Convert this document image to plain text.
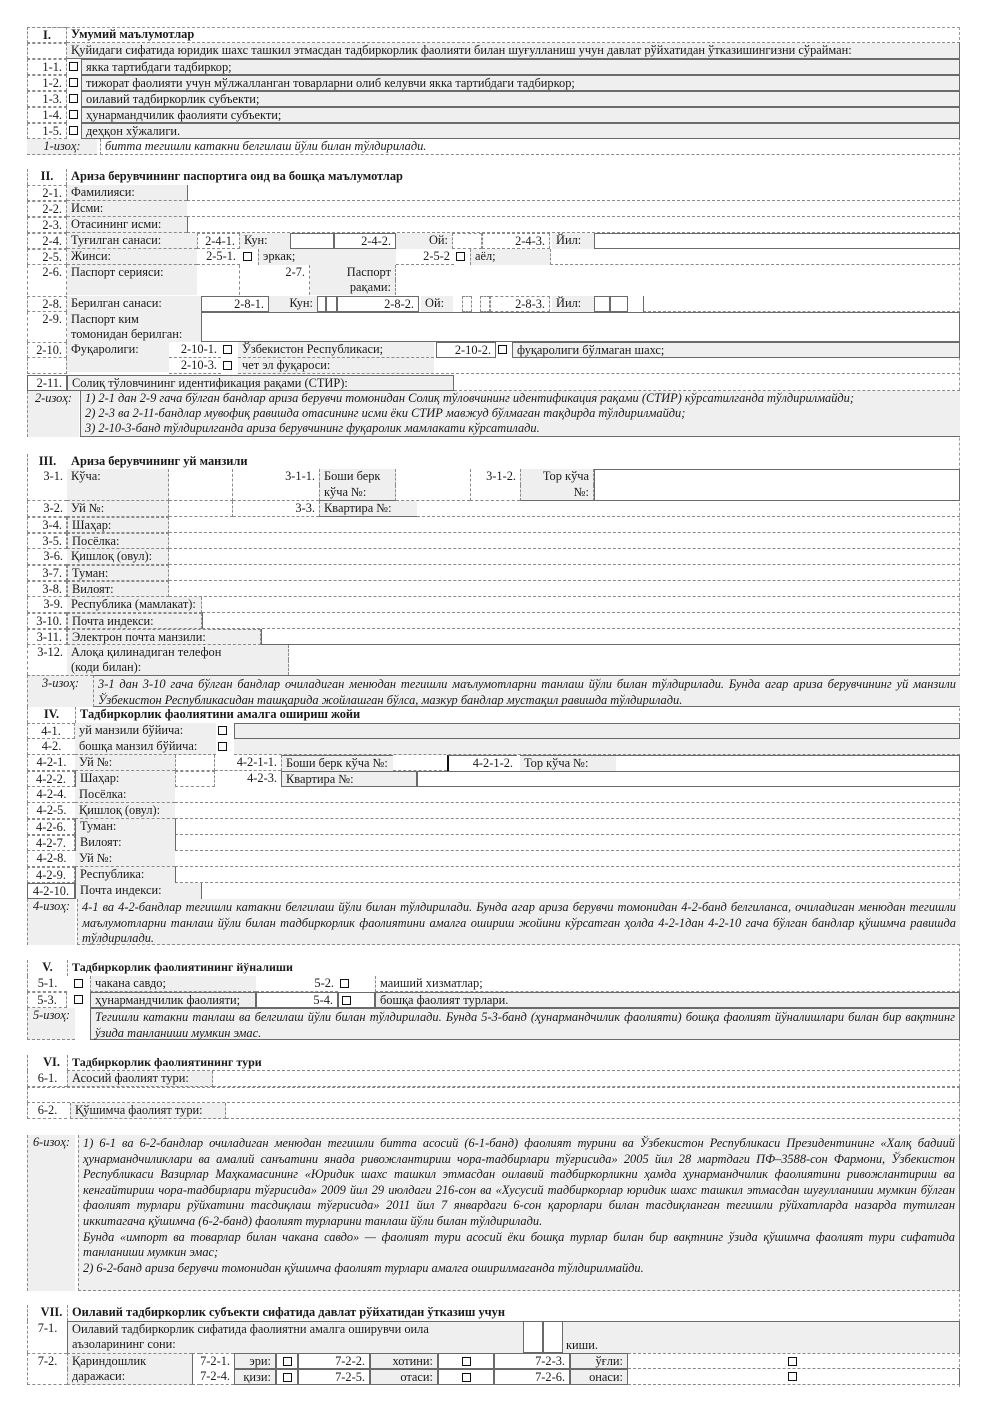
I.	Умумий маълумотлар
Қуйидаги сифатида юридик шахс ташкил этмасдан тадбиркорлик фаолияти билан шуғулланиш учун давлат рўйхатидан ўтказишингизни сўрайман:
1-1.	якка тартибдаги тадбиркор;
1-2.	тижорат фаолияти учун мўлжалланган товарларни олиб келувчи якка тартибдаги тадбиркор;
1-3.	оилавий тадбиркорлик субъекти;
1-4.	ҳунармандчилик фаолияти субъекти;
1-5.	деҳқон хўжалиги.
1-изоҳ:	битта тегишли катакни белгилаш йўли билан тўлдирилади.
II.	Ариза берувчининг паспортига оид ва бошқа маълумотлар
2-1. Фамилияси:
2-2. Исми:
2-3. Отасининг исми:
2-4. Туғилган санаси:	2-4-1. Кун:	2-4-2.	Ой:	2-4-3. Йил:
2-5. Жинси:	2-5-1.	эркак;	2-5-2	аёл;
2-6. Паспорт серияси:	2-7.	Паспорт
рақами:
2-8. Берилган санаси:	2-8-1.	Кун:	2-8-2. Ой:	2-8-3. Йил:
2-9. Паспорт ким
томонидан берилган:
2-10. Фуқаролиги:	2-10-1.	Ўзбекистон Республикаси;	2-10-2.	фуқаролиги бўлмаган шахс;
2-10-3.	чет эл фуқароси:
2-11. Солиқ тўловчининг идентификация рақами (СТИР):
2-изоҳ:	1) 2-1 дан 2-9 гача бўлган бандлар ариза берувчи томонидан Солиқ тўловчининг идентификация рақами (СТИР) кўрсатилганда тўлдирилмайди;
2) 2-3 ва 2-11-бандлар мувофиқ равишда отасининг исми ёки СТИР мавжуд бўлмаган тақдирда тўлдирилмайди;
3) 2-10-3-банд тўлдирилганда ариза берувчининг фуқаролик мамлакати кўрсатилади.
III.	Ариза берувчининг уй манзили
3-1. Кўча:	3-1-1. Боши берк
кўча №:
3-1-2.	Тор кўча
№:
3-2. Уй №:	3-3. Квартира №:
3-4. Шаҳар:
3-5. Посёлка:
3-6. Қишлоқ (овул):
3-7. Туман:
3-8. Вилоят:
3-9. Республика (мамлакат):
3-10. Почта индекси:
3-11. Электрон почта манзили:
3-12. Алоқа қилинадиган телефон
(коди билан):
3-изоҳ:	3-1 дан 3-10 гача бўлган бандлар очиладиган менюдан тегишли маълумотларни танлаш йўли билан тўлдирилади. Бунда агар ариза берувчининг уй манзили Ўзбекистон Республикасидан ташқарида жойлашган бўлса, мазкур бандлар мустақил равишда тўлдирилади.
IV.	Тадбиркорлик фаолиятини амалга ошириш жойи
4-1.	уй манзили бўйича:
4-2.	бошқа манзил бўйича:
4-2-1.	Уй №:	4-2-1-1. Боши берк кўча №:	4-2-1-2. Тор кўча №:
4-2-2.	Шаҳар:	4-2-3. Квартира №:
4-2-4.	Посёлка:
4-2-5.	Қишлоқ (овул):
4-2-6.	Туман:
4-2-7.	Вилоят:
4-2-8.	Уй №:
4-2-9.	Республика:
4-2-10. Почта индекси:
4-изоҳ: 4-1 ва 4-2-бандлар тегишли катакни белгилаш йўли билан тўлдирилади. Бунда агар ариза берувчи томонидан 4-2-банд белгиланса, очиладиган менюдан тегишли маълумотларни танлаш йўли билан тадбиркорлик фаолиятини амалга ошириш жойини кўрсатган ҳолда 4-2-1дан 4-2-10 гача бўлган бандлар қўшимча равишда тўлдирилади.
V.	Тадбиркорлик фаолиятининг йўналиши
5-1.	чакана савдо;	5-2.	маиший хизматлар;
5-3.	ҳунармандчилик фаолияти;	5-4.	бошқа фаолият турлари.
5-изоҳ:	Тегишли катакни танлаш ва белгилаш йўли билан тўлдирилади. Бунда 5-3-банд (ҳунармандчилик фаолияти) бошқа фаолият йўналишлари билан бир вақтнинг ўзида танланиши мумкин эмас.
VI.	Тадбиркорлик фаолиятининг тури
6-1.	Асосий фаолият тури:
6-2.	Қўшимча фаолият тури:
6-изоҳ:	1) 6-1 ва 6-2-бандлар очиладиган менюдан тегишли битта асосий (6-1-банд) фаолият турини ва Ўзбекистон Республикаси Президентининг «Халқ бадиий ҳунармандчиликлари ва амалий санъатини янада ривожлантириш чора-тадбирлари тўғрисида» 2005 йил 28 мартдаги ПФ–3588-сон Фармони, Ўзбекистон Республикаси Вазирлар Маҳкамасининг «Юридик шахс ташкил этмасдан оилавий тадбиркорликни ҳамда ҳунармандчилик фаолиятини ривожлантириш ва кенгайтириш чора-тадбирлари тўғрисида» 2009 йил 29 июлдаги 216-сон ва «Хусусий тадбиркорлар юридик шахс ташкил этмасдан шуғулланиши мумкин бўлган фаолият турлари рўйхатини тасдиқлаш тўғрисида» 2011 йил 7 январдаги 6-сон қарорлари билан тасдиқланган тегишли рўйхатларда назарда тутилган иккитагача қўшимча (6-2-банд) фаолият турларини танлаш йўли билан тўлдирилади.
Бунда «импорт ва товарлар билан чакана савдо» — фаолият тури асосий ёки бошқа турлар билан бир вақтнинг ўзида қўшимча фаолият тури сифатида танланиши мумкин эмас;
2) 6-2-банд ариза берувчи томонидан қўшимча фаолият турлари амалга оширилмаганда тўлдирилмайди.
VII. Оилавий тадбиркорлик субъекти сифатида давлат рўйхатидан ўтказиш учун
7-1.	Оилавий тадбиркорлик сифатида фаолиятни амалга оширувчи оила
аъзоларининг сони:	киши.
7-2.	Қариндошлик
даражаси:
7-2-1.	эри:	7-2-2.	хотини:	7-2-3.	ўғли:
7-2-4.	қизи:	7-2-5.	отаси:	7-2-6.	онаси:
